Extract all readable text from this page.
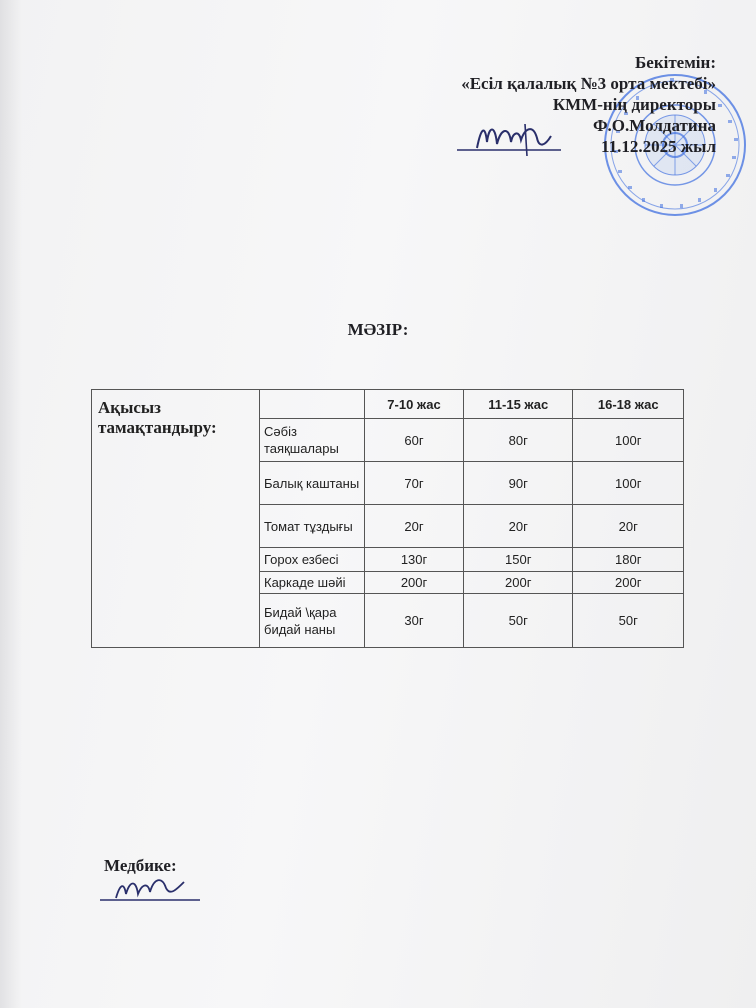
Бекітемін:
«Есіл қалалық №3 орта мектебі»
КММ-нің директоры
Ф.О.Молдатина
11.12.2025 жыл
МӘЗІР:
Ақысыз тамақтандыру:		7-10 жас	11-15 жас	16-18 жас
	Сәбіз таяқшалары	60г	80г	100г
	Балық каштаны	70г	90г	100г
	Томат тұздығы	20г	20г	20г
	Горох езбесі	130г	150г	180г
	Каркаде шәйі	200г	200г	200г
	Бидай \қара бидай наны	30г	50г	50г
Медбике:
